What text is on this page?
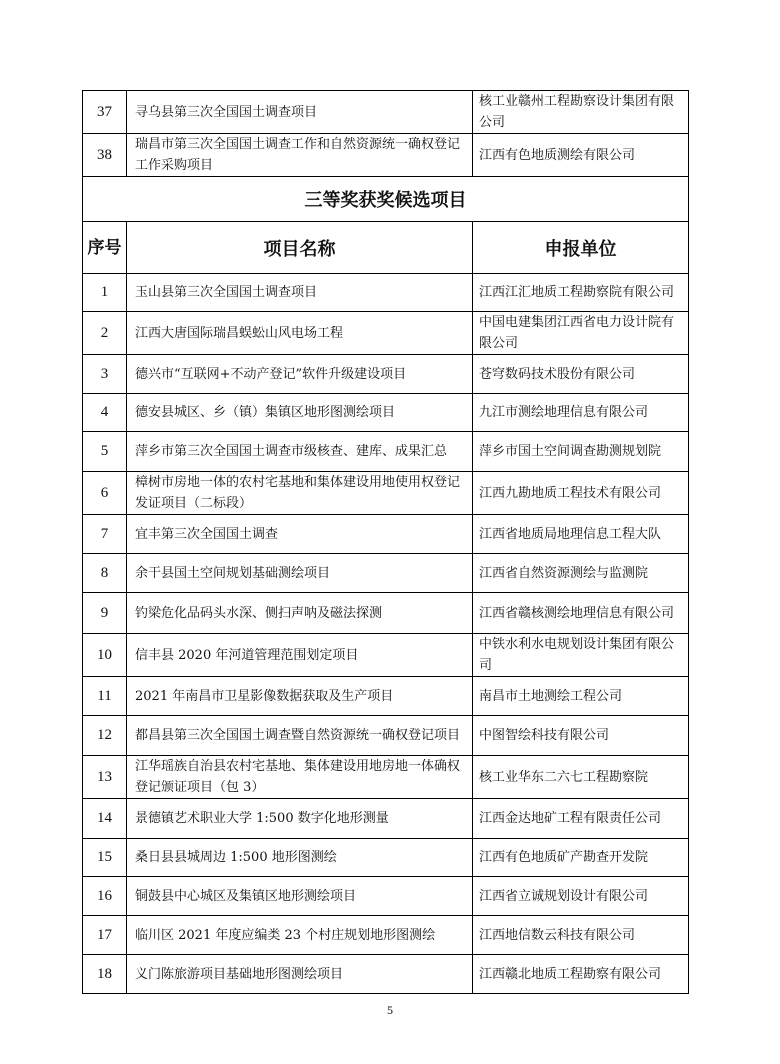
37	寻乌县第三次全国国土调查项目	核工业赣州工程勘察设计集团有限公司
38	瑞昌市第三次全国国土调查工作和自然资源统一确权登记工作采购项目	江西有色地质测绘有限公司
三等奖获奖候选项目		
序号	项目名称	申报单位
1	玉山县第三次全国国土调查项目	江西江汇地质工程勘察院有限公司
2	江西大唐国际瑞昌蜈蚣山风电场工程	中国电建集团江西省电力设计院有限公司
3	德兴市“互联网+不动产登记”软件升级建设项目	苍穹数码技术股份有限公司
4	德安县城区、乡（镇）集镇区地形图测绘项目	九江市测绘地理信息有限公司
5	萍乡市第三次全国国土调查市级核查、建库、成果汇总	萍乡市国土空间调查勘测规划院
6	樟树市房地一体的农村宅基地和集体建设用地使用权登记发证项目（二标段）	江西九勘地质工程技术有限公司
7	宜丰第三次全国国土调查	江西省地质局地理信息工程大队
8	余干县国土空间规划基础测绘项目	江西省自然资源测绘与监测院
9	钓梁危化品码头水深、侧扫声呐及磁法探测	江西省赣核测绘地理信息有限公司
10	信丰县 2020 年河道管理范围划定项目	中铁水利水电规划设计集团有限公司
11	2021 年南昌市卫星影像数据获取及生产项目	南昌市土地测绘工程公司
12	都昌县第三次全国国土调查暨自然资源统一确权登记项目	中图智绘科技有限公司
13	江华瑶族自治县农村宅基地、集体建设用地房地一体确权登记颁证项目（包 3）	核工业华东二六七工程勘察院
14	景德镇艺术职业大学 1:500 数字化地形测量	江西金达地矿工程有限责任公司
15	桑日县县城周边 1:500 地形图测绘	江西有色地质矿产勘查开发院
16	铜鼓县中心城区及集镇区地形测绘项目	江西省立诚规划设计有限公司
17	临川区 2021 年度应编类 23 个村庄规划地形图测绘	江西地信数云科技有限公司
18	义门陈旅游项目基础地形图测绘项目	江西赣北地质工程勘察有限公司
5
